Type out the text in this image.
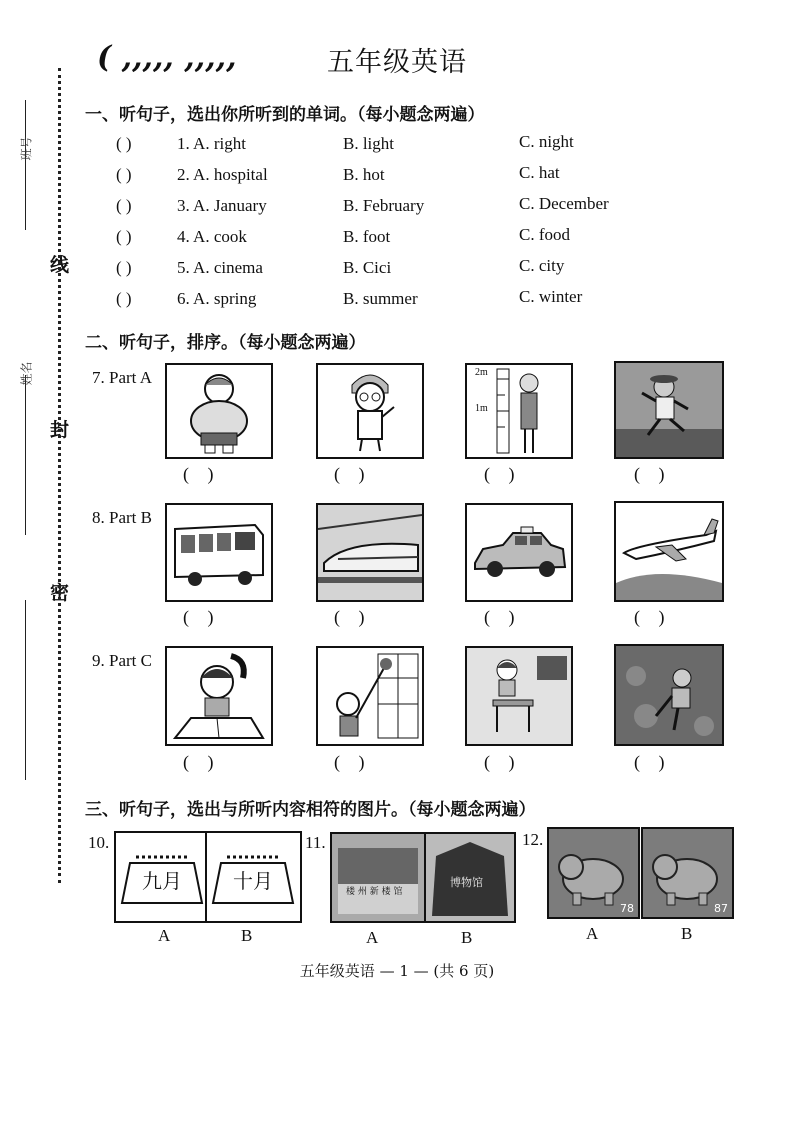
班号
姓名
线
封
密
( ,,,,, ,,,,,	五年级英语
一、听句子，选出你所听到的单词。（每小题念两遍）
( )	1. A. right	B. light	C. night
( )	2. A. hospital	B. hot	C. hat
( )	3. A. January	B. February	C. December
( )	4. A. cook	B. foot	C. food
( )	5. A. cinema	B. Cici	C. city
( )	6. A. spring	B. summer	C. winter
二、听句子，排序。（每小题念两遍）
7. Part A
8. Part B
9. Part C
2m
1m
( )	( )	( )	( )
( )	( )	( )	( )
( )	( )	( )	( )
三、听句子，选出与所听内容相符的图片。（每小题念两遍）
10.
九月	十月
A	B
11.
楼 州 新 楼 馆
博物馆
A	B
12.
78	87
A	B
五年级英语 — 1 — (共 6 页)
